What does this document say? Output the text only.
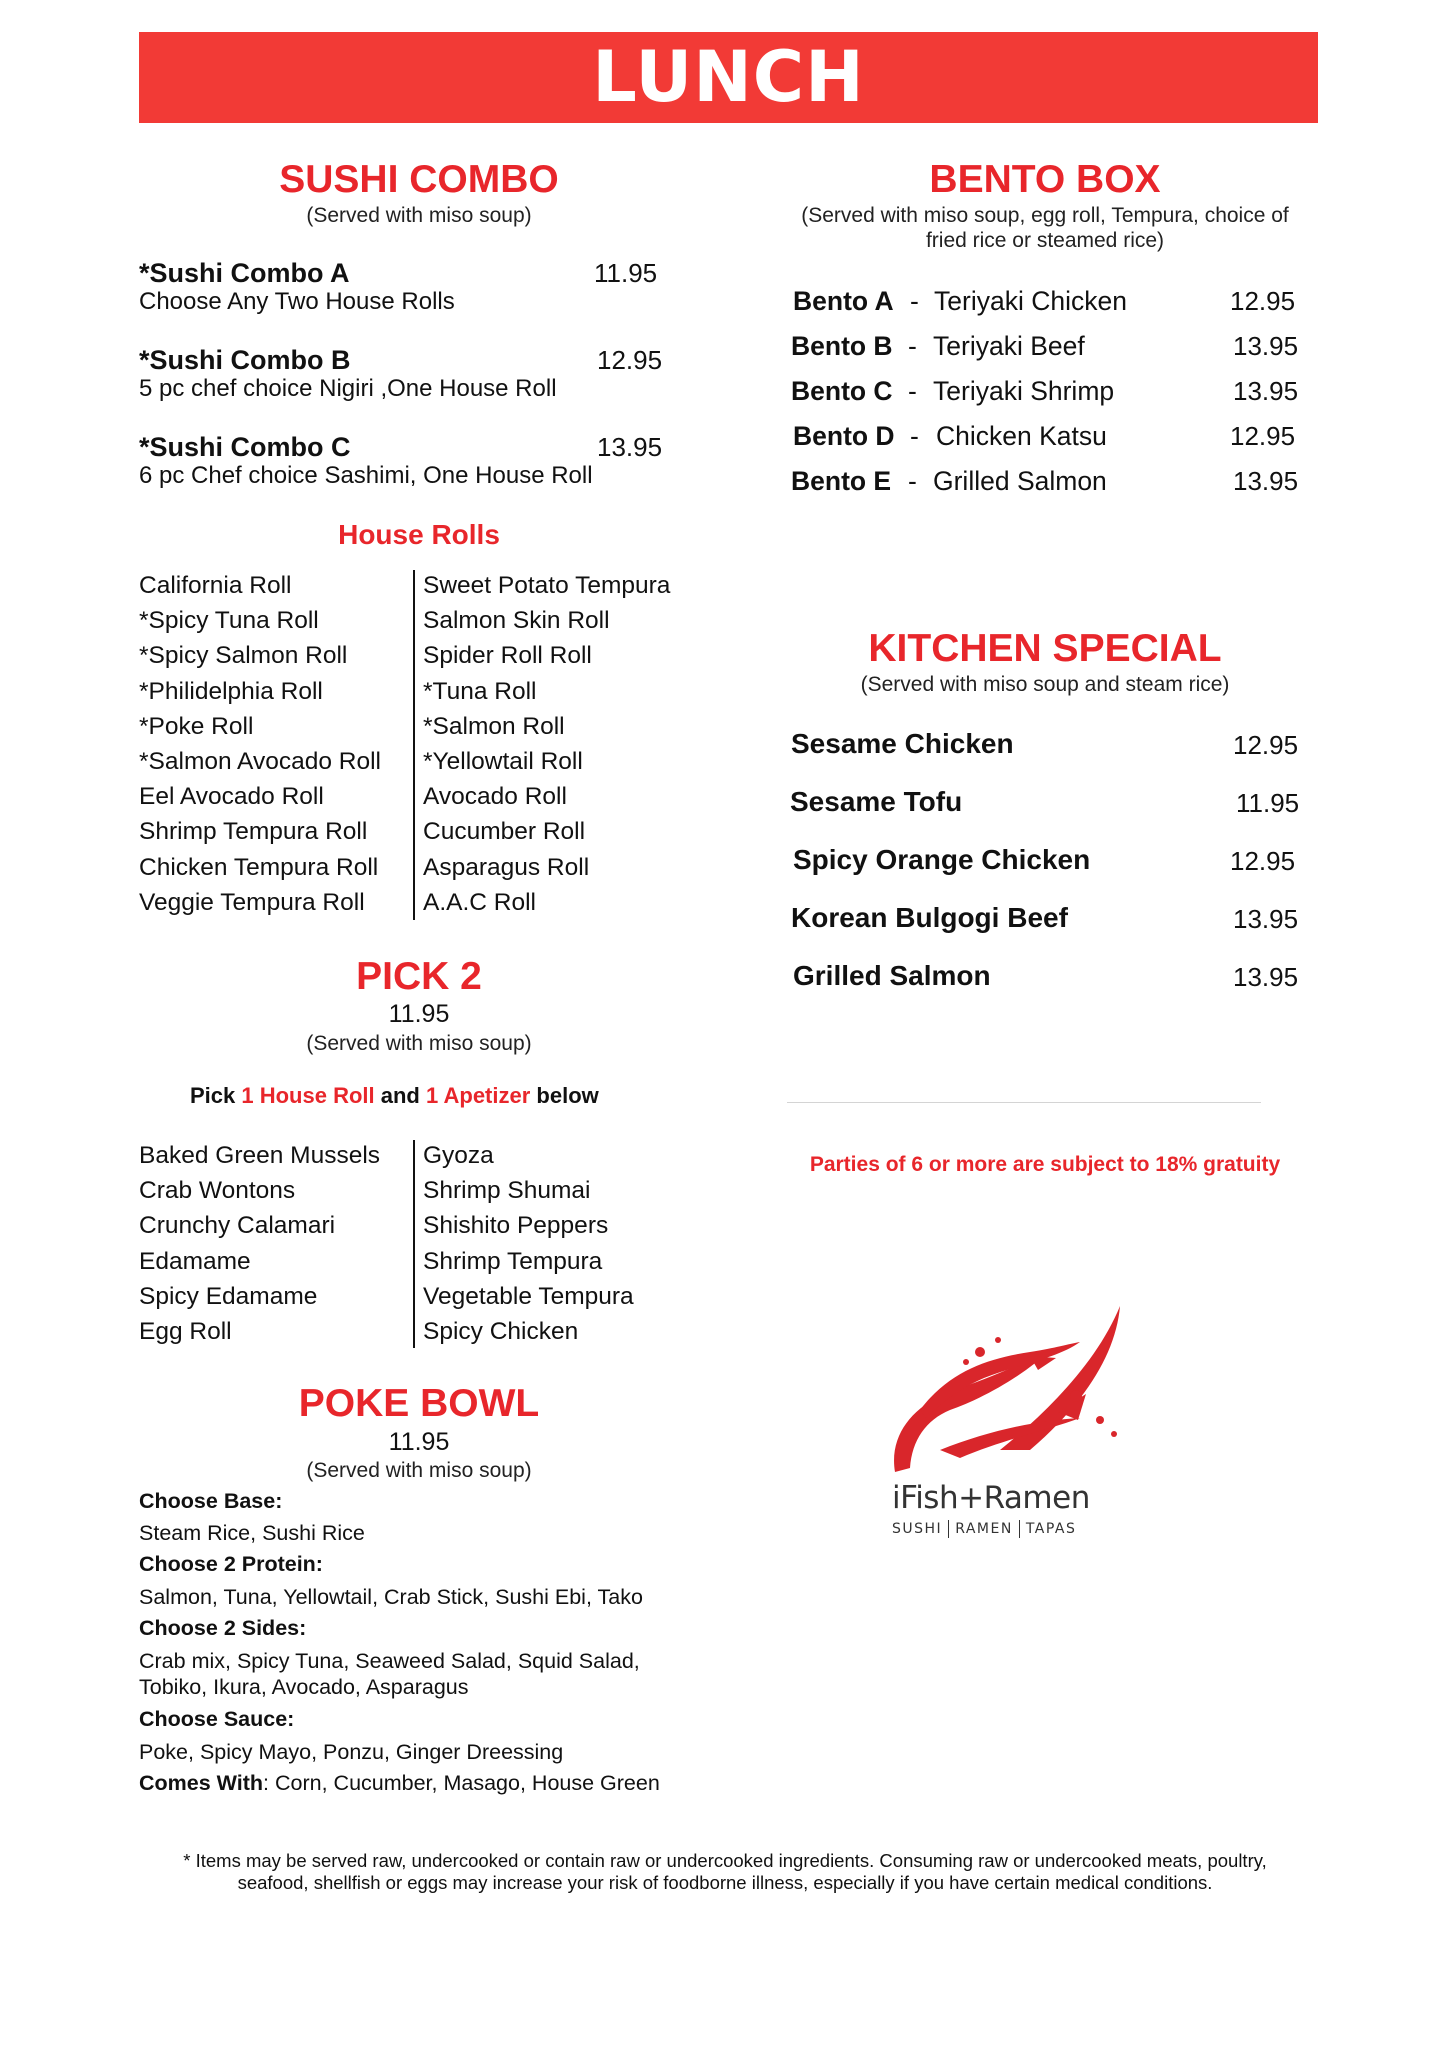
LUNCH
SUSHI COMBO
(Served with miso soup)
*Sushi Combo A	11.95
Choose Any Two House Rolls
*Sushi Combo B	12.95
5 pc chef choice Nigiri ,One House Roll
*Sushi Combo C	13.95
6 pc Chef choice Sashimi, One House Roll
House Rolls
California Roll
*Spicy Tuna Roll
*Spicy Salmon Roll
*Philidelphia Roll
*Poke Roll
*Salmon Avocado Roll
Eel Avocado Roll
Shrimp Tempura Roll
Chicken Tempura Roll
Veggie Tempura Roll
Sweet Potato Tempura
Salmon Skin Roll
Spider Roll Roll
*Tuna Roll
*Salmon Roll
*Yellowtail Roll
Avocado Roll
Cucumber Roll
Asparagus Roll
A.A.C Roll
PICK 2
11.95
(Served with miso soup)
Pick 1 House Roll and 1 Apetizer below
Baked Green Mussels
Crab Wontons
Crunchy Calamari
Edamame
Spicy Edamame
Egg Roll
Gyoza
Shrimp Shumai
Shishito Peppers
Shrimp Tempura
Vegetable Tempura
Spicy Chicken
POKE BOWL
11.95
(Served with miso soup)
Choose Base:
Steam Rice, Sushi Rice
Choose 2 Protein:
Salmon, Tuna, Yellowtail, Crab Stick, Sushi Ebi, Tako
Choose 2 Sides:
Crab mix, Spicy Tuna, Seaweed Salad, Squid Salad,
Tobiko, Ikura, Avocado, Asparagus
Choose Sauce:
Poke, Spicy Mayo, Ponzu, Ginger Dreessing
Comes With: Corn, Cucumber, Masago, House Green
BENTO BOX
(Served with miso soup, egg roll, Tempura, choice of
fried rice or steamed rice)
Bento A - Teriyaki Chicken	12.95
Bento B - Teriyaki Beef	13.95
Bento C - Teriyaki Shrimp	13.95
Bento D - Chicken Katsu	12.95
Bento E - Grilled Salmon	13.95
KITCHEN SPECIAL
(Served with miso soup and steam rice)
Sesame Chicken	12.95
Sesame Tofu	11.95
Spicy Orange Chicken	12.95
Korean Bulgogi Beef	13.95
Grilled Salmon	13.95
Parties of 6 or more are subject to 18% gratuity
iFish+Ramen
SUSHI RAMEN TAPAS
* Items may be served raw, undercooked or contain raw or undercooked ingredients. Consuming raw or undercooked meats, poultry,
seafood, shellfish or eggs may increase your risk of foodborne illness, especially if you have certain medical conditions.
